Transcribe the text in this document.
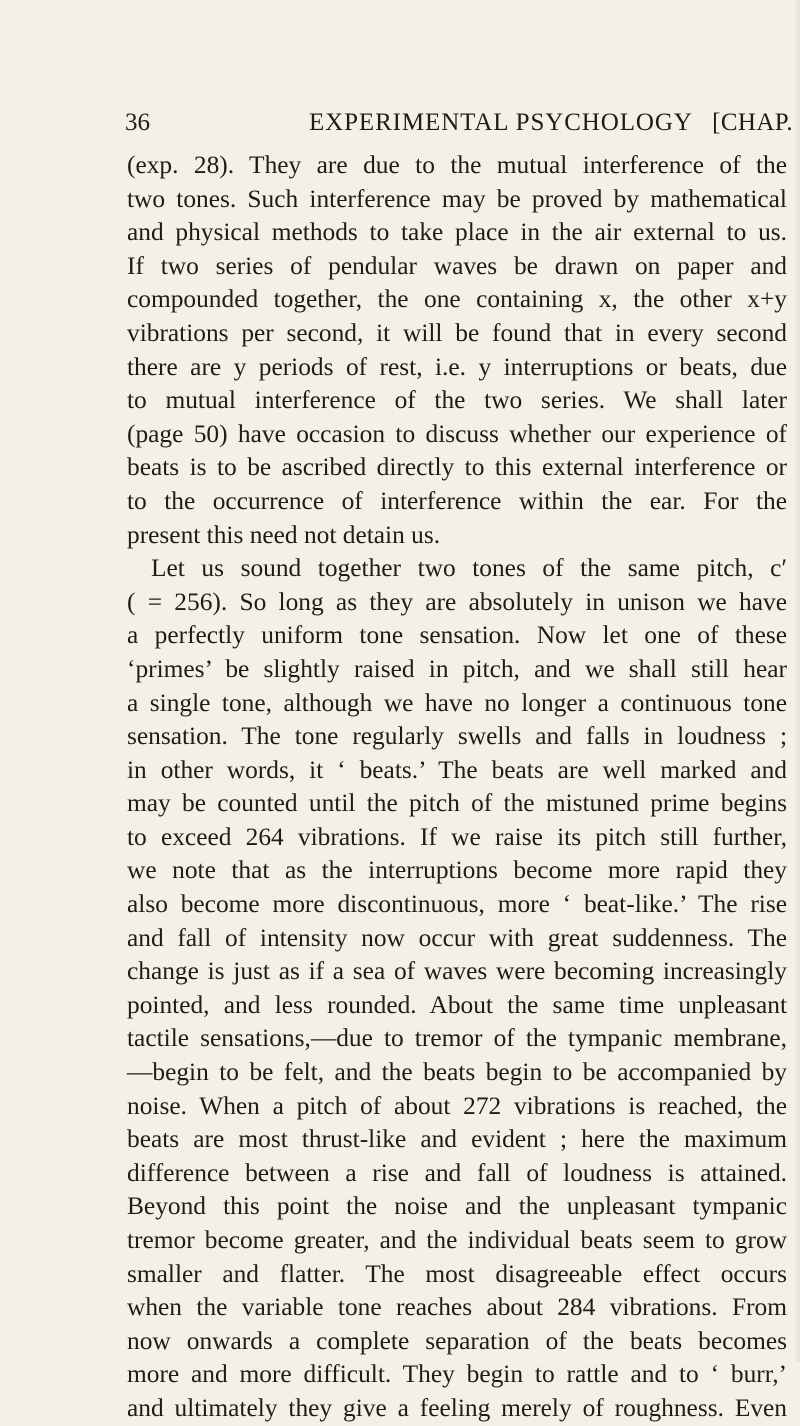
36	EXPERIMENTAL PSYCHOLOGY [CHAP.
(exp. 28). They are due to the mutual interference of the
two tones. Such interference may be proved by mathematical
and physical methods to take place in the air external to us.
If two series of pendular waves be drawn on paper and
compounded together, the one containing x, the other x+y
vibrations per second, it will be found that in every second
there are y periods of rest, i.e. y interruptions or beats, due
to mutual interference of the two series. We shall later
(page 50) have occasion to discuss whether our experience of
beats is to be ascribed directly to this external interference or
to the occurrence of interference within the ear. For the
present this need not detain us.
Let us sound together two tones of the same pitch, c′
( = 256). So long as they are absolutely in unison we have
a perfectly uniform tone sensation. Now let one of these
‘primes’ be slightly raised in pitch, and we shall still hear
a single tone, although we have no longer a continuous tone
sensation. The tone regularly swells and falls in loudness ;
in other words, it ‘ beats.’ The beats are well marked and
may be counted until the pitch of the mistuned prime begins
to exceed 264 vibrations. If we raise its pitch still further,
we note that as the interruptions become more rapid they
also become more discontinuous, more ‘ beat-like.’ The rise
and fall of intensity now occur with great suddenness. The
change is just as if a sea of waves were becoming increasingly
pointed, and less rounded. About the same time unpleasant
tactile sensations,—due to tremor of the tympanic membrane,
—begin to be felt, and the beats begin to be accompanied by
noise. When a pitch of about 272 vibrations is reached, the
beats are most thrust-like and evident ; here the maximum
difference between a rise and fall of loudness is attained.
Beyond this point the noise and the unpleasant tympanic
tremor become greater, and the individual beats seem to grow
smaller and flatter. The most disagreeable effect occurs
when the variable tone reaches about 284 vibrations. From
now onwards a complete separation of the beats becomes
more and more difficult. They begin to rattle and to ‘ burr,’
and ultimately they give a feeling merely of roughness. Even
